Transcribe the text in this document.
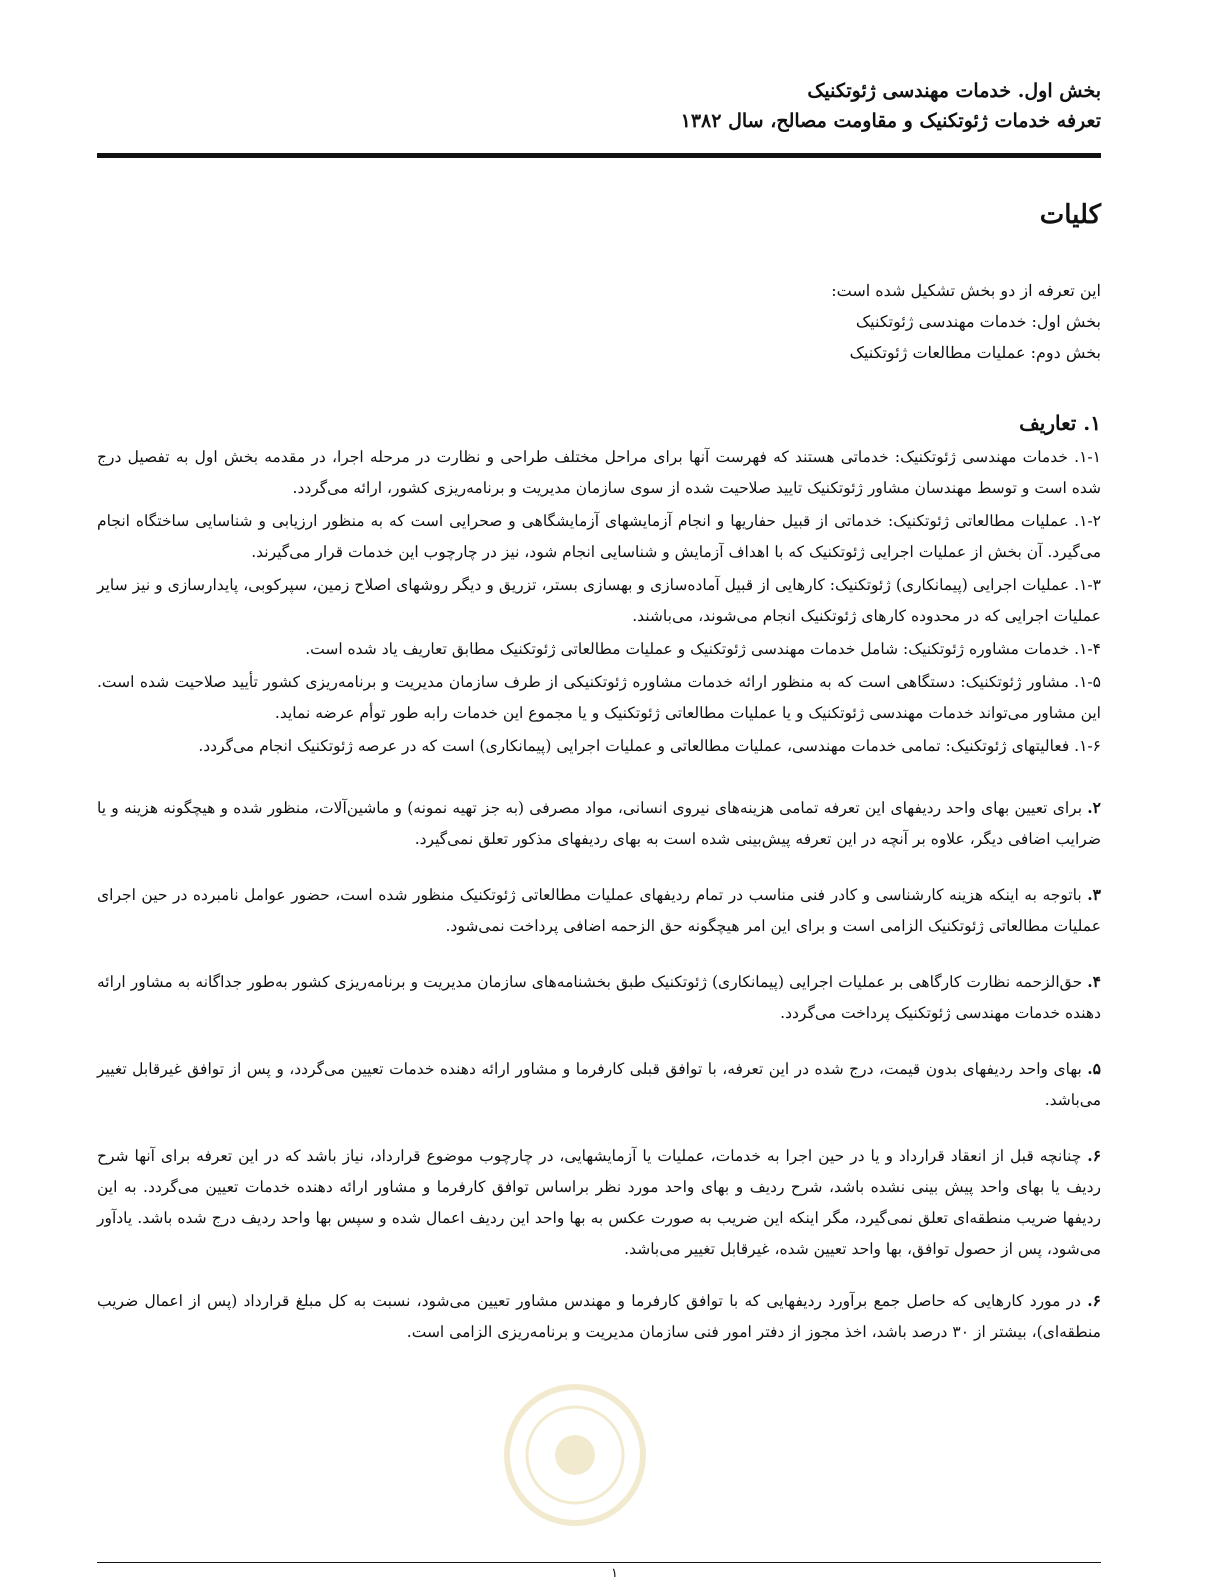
بخش اول. خدمات مهندسی ژئوتکنیک
تعرفه خدمات ژئوتکنیک و مقاومت مصالح، سال ۱۳۸۲
کلیات
این تعرفه از دو بخش تشکیل شده است:
بخش اول: خدمات مهندسی ژئوتکنیک
بخش دوم: عملیات مطالعات ژئوتکنیک
۱. تعاریف

۱-۱. خدمات مهندسی ژئوتکنیک: خدماتی هستند که فهرست آنها برای مراحل مختلف طراحی و نظارت در مرحله اجرا، در مقدمه بخش اول به تفصیل درج شده است و توسط مهندسان مشاور ژئوتکنیک تایید صلاحیت شده از سوی سازمان مدیریت و برنامه‌ریزی کشور، ارائه می‌گردد.

۱-۲. عملیات مطالعاتی ژئوتکنیک: خدماتی از قبیل حفاریها و انجام آزمایشهای آزمایشگاهی و صحرایی است که به منظور ارزیابی و شناسایی ساختگاه انجام می‌گیرد. آن بخش از عملیات اجرایی ژئوتکنیک که با اهداف آزمایش و شناسایی انجام شود، نیز در چارچوب این خدمات قرار می‌گیرند.

۱-۳. عملیات اجرایی (پیمانکاری) ژئوتکنیک: کارهایی از قبیل آماده‌سازی و بهسازی بستر، تزریق و دیگر روشهای اصلاح زمین، سپرکوبی، پایدارسازی و نیز سایر عملیات اجرایی که در محدوده کارهای ژئوتکنیک انجام می‌شوند، می‌باشند.

۱-۴. خدمات مشاوره ژئوتکنیک: شامل خدمات مهندسی ژئوتکنیک و عملیات مطالعاتی ژئوتکنیک مطابق تعاریف یاد شده است.

۱-۵. مشاور ژئوتکنیک: دستگاهی است که به منظور ارائه خدمات مشاوره ژئوتکنیکی از طرف سازمان مدیریت و برنامه‌ریزی کشور تأیید صلاحیت شده است. این مشاور می‌تواند خدمات مهندسی ژئوتکنیک و یا عملیات مطالعاتی ژئوتکنیک و یا مجموع این خدمات رابه طور توأم عرضه نماید.

۱-۶. فعالیتهای ژئوتکنیک: تمامی خدمات مهندسی، عملیات مطالعاتی و عملیات اجرایی (پیمانکاری) است که در عرصه ژئوتکنیک انجام می‌گردد.

۲. برای تعیین بهای واحد ردیفهای این تعرفه تمامی هزینه‌های نیروی انسانی، مواد مصرفی (به جز تهیه نمونه) و ماشین‌آلات، منظور شده و هیچگونه هزینه و یا ضرایب اضافی دیگر، علاوه بر آنچه در این تعرفه پیش‌بینی شده است به بهای ردیفهای مذکور تعلق نمی‌گیرد.

۳. باتوجه به اینکه هزینه کارشناسی و کادر فنی مناسب در تمام ردیفهای عملیات مطالعاتی ژئوتکنیک منظور شده است، حضور عوامل نامبرده در حین اجرای عملیات مطالعاتی ژئوتکنیک الزامی است و برای این امر هیچگونه حق الزحمه اضافی پرداخت نمی‌شود.

۴. حق‌الزحمه نظارت کارگاهی بر عملیات اجرایی (پیمانکاری) ژئوتکنیک طبق بخشنامه‌های سازمان مدیریت و برنامه‌ریزی کشور به‌طور جداگانه به مشاور ارائه دهنده خدمات مهندسی ژئوتکنیک پرداخت می‌گردد.

۵. بهای واحد ردیفهای بدون قیمت، درج شده در این تعرفه، با توافق قبلی کارفرما و مشاور ارائه دهنده خدمات تعیین می‌گردد، و پس از توافق غیرقابل تغییر می‌باشد.

۶. چنانچه قبل از انعقاد قرارداد و یا در حین اجرا به خدمات، عملیات یا آزمایشهایی، در چارچوب موضوع قرارداد، نیاز باشد که در این تعرفه برای آنها شرح ردیف یا بهای واحد پیش بینی نشده باشد، شرح ردیف و بهای واحد مورد نظر براساس توافق کارفرما و مشاور ارائه دهنده خدمات تعیین می‌گردد. به این ردیفها ضریب منطقه‌ای تعلق نمی‌گیرد، مگر اینکه این ضریب به صورت عکس به بها واحد این ردیف اعمال شده و سپس بها واحد ردیف درج شده باشد. یادآور می‌شود، پس از حصول توافق، بها واحد تعیین شده، غیرقابل تغییر می‌باشد.

۶. در مورد کارهایی که حاصل جمع برآورد ردیفهایی که با توافق کارفرما و مهندس مشاور تعیین می‌شود، نسبت به کل مبلغ قرارداد (پس از اعمال ضریب منطقه‌ای)، بیشتر از ۳۰ درصد باشد، اخذ مجوز از دفتر امور فنی سازمان مدیریت و برنامه‌ریزی الزامی است.

۱
